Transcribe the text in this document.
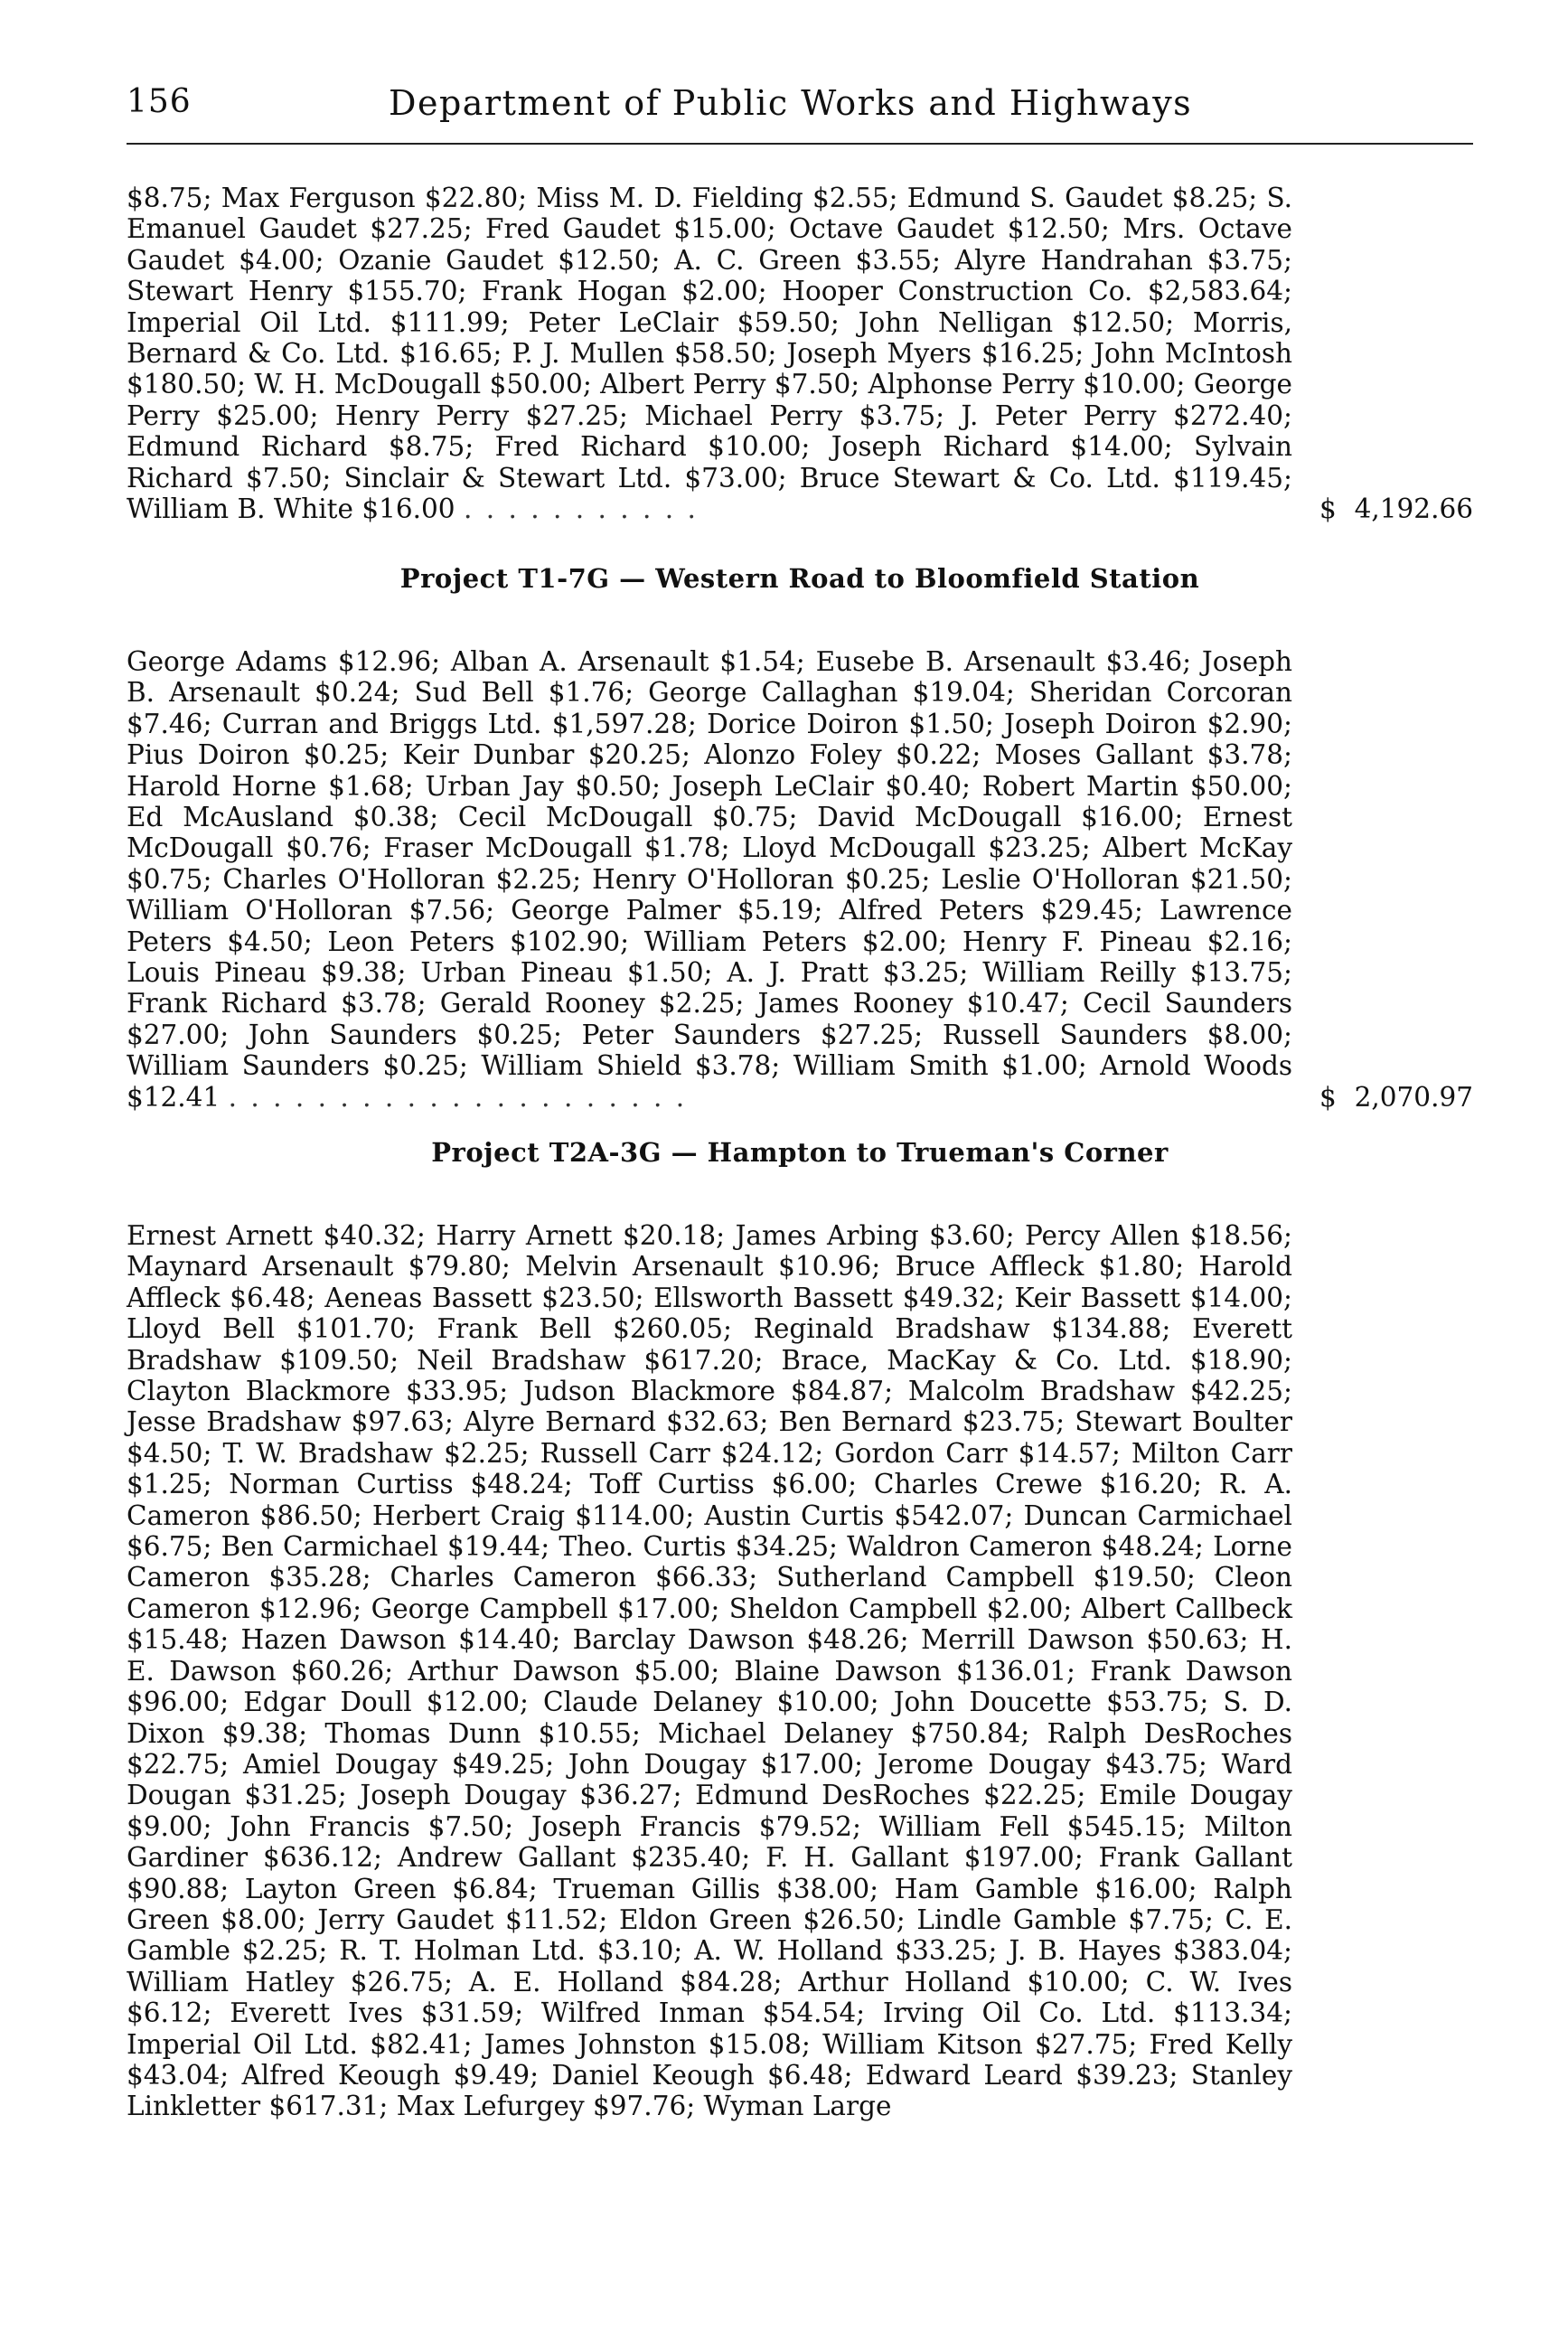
156	Department of Public Works and Highways

$8.75; Max Ferguson $22.80; Miss M. D. Fielding $2.55; Edmund S. Gaudet $8.25; S. Emanuel Gaudet $27.25; Fred Gaudet $15.00; Octave Gaudet $12.50; Mrs. Octave Gaudet $4.00; Ozanie Gaudet $12.50; A. C. Green $3.55; Alyre Handrahan $3.75; Stewart Henry $155.70; Frank Hogan $2.00; Hooper Construction Co. $2,583.64; Imperial Oil Ltd. $111.99; Peter LeClair $59.50; John Nelligan $12.50; Morris, Bernard & Co. Ltd. $16.65; P. J. Mullen $58.50; Joseph Myers $16.25; John McIntosh $180.50; W. H. McDougall $50.00; Albert Perry $7.50; Alphonse Perry $10.00; George Perry $25.00; Henry Perry $27.25; Michael Perry $3.75; J. Peter Perry $272.40; Edmund Richard $8.75; Fred Richard $10.00; Joseph Richard $14.00; Sylvain Richard $7.50; Sinclair & Stewart Ltd. $73.00; Bruce Stewart & Co. Ltd. $119.45; William B. White $16.00 . . . . . . . . . . .	$ 4,192.66
Project T1-7G — Western Road to Bloomfield Station

George Adams $12.96; Alban A. Arsenault $1.54; Eusebe B. Arsenault $3.46; Joseph B. Arsenault $0.24; Sud Bell $1.76; George Callaghan $19.04; Sheridan Corcoran $7.46; Curran and Briggs Ltd. $1,597.28; Dorice Doiron $1.50; Joseph Doiron $2.90; Pius Doiron $0.25; Keir Dunbar $20.25; Alonzo Foley $0.22; Moses Gallant $3.78; Harold Horne $1.68; Urban Jay $0.50; Joseph LeClair $0.40; Robert Martin $50.00; Ed McAusland $0.38; Cecil McDougall $0.75; David McDougall $16.00; Ernest McDougall $0.76; Fraser McDougall $1.78; Lloyd McDougall $23.25; Albert McKay $0.75; Charles O'Holloran $2.25; Henry O'Holloran $0.25; Leslie O'Holloran $21.50; William O'Holloran $7.56; George Palmer $5.19; Alfred Peters $29.45; Lawrence Peters $4.50; Leon Peters $102.90; William Peters $2.00; Henry F. Pineau $2.16; Louis Pineau $9.38; Urban Pineau $1.50; A. J. Pratt $3.25; William Reilly $13.75; Frank Richard $3.78; Gerald Rooney $2.25; James Rooney $10.47; Cecil Saunders $27.00; John Saunders $0.25; Peter Saunders $27.25; Russell Saunders $8.00; William Saunders $0.25; William Shield $3.78; William Smith $1.00; Arnold Woods $12.41 . . . . . . . . . . . . . . . . . . . . .	$ 2,070.97
Project T2A-3G — Hampton to Trueman's Corner

Ernest Arnett $40.32; Harry Arnett $20.18; James Arbing $3.60; Percy Allen $18.56; Maynard Arsenault $79.80; Melvin Arsenault $10.96; Bruce Affleck $1.80; Harold Affleck $6.48; Aeneas Bassett $23.50; Ellsworth Bassett $49.32; Keir Bassett $14.00; Lloyd Bell $101.70; Frank Bell $260.05; Reginald Bradshaw $134.88; Everett Bradshaw $109.50; Neil Bradshaw $617.20; Brace, MacKay & Co. Ltd. $18.90; Clayton Blackmore $33.95; Judson Blackmore $84.87; Malcolm Bradshaw $42.25; Jesse Bradshaw $97.63; Alyre Bernard $32.63; Ben Bernard $23.75; Stewart Boulter $4.50; T. W. Bradshaw $2.25; Russell Carr $24.12; Gordon Carr $14.57; Milton Carr $1.25; Norman Curtiss $48.24; Toff Curtiss $6.00; Charles Crewe $16.20; R. A. Cameron $86.50; Herbert Craig $114.00; Austin Curtis $542.07; Duncan Carmichael $6.75; Ben Carmichael $19.44; Theo. Curtis $34.25; Waldron Cameron $48.24; Lorne Cameron $35.28; Charles Cameron $66.33; Sutherland Campbell $19.50; Cleon Cameron $12.96; George Campbell $17.00; Sheldon Campbell $2.00; Albert Callbeck $15.48; Hazen Dawson $14.40; Barclay Dawson $48.26; Merrill Dawson $50.63; H. E. Dawson $60.26; Arthur Dawson $5.00; Blaine Dawson $136.01; Frank Dawson $96.00; Edgar Doull $12.00; Claude Delaney $10.00; John Doucette $53.75; S. D. Dixon $9.38; Thomas Dunn $10.55; Michael Delaney $750.84; Ralph DesRoches $22.75; Amiel Dougay $49.25; John Dougay $17.00; Jerome Dougay $43.75; Ward Dougan $31.25; Joseph Dougay $36.27; Edmund DesRoches $22.25; Emile Dougay $9.00; John Francis $7.50; Joseph Francis $79.52; William Fell $545.15; Milton Gardiner $636.12; Andrew Gallant $235.40; F. H. Gallant $197.00; Frank Gallant $90.88; Layton Green $6.84; Trueman Gillis $38.00; Ham Gamble $16.00; Ralph Green $8.00; Jerry Gaudet $11.52; Eldon Green $26.50; Lindle Gamble $7.75; C. E. Gamble $2.25; R. T. Holman Ltd. $3.10; A. W. Holland $33.25; J. B. Hayes $383.04; William Hatley $26.75; A. E. Holland $84.28; Arthur Holland $10.00; C. W. Ives $6.12; Everett Ives $31.59; Wilfred Inman $54.54; Irving Oil Co. Ltd. $113.34; Imperial Oil Ltd. $82.41; James Johnston $15.08; William Kitson $27.75; Fred Kelly $43.04; Alfred Keough $9.49; Daniel Keough $6.48; Edward Leard $39.23; Stanley Linkletter $617.31; Max Lefurgey $97.76; Wyman Large
